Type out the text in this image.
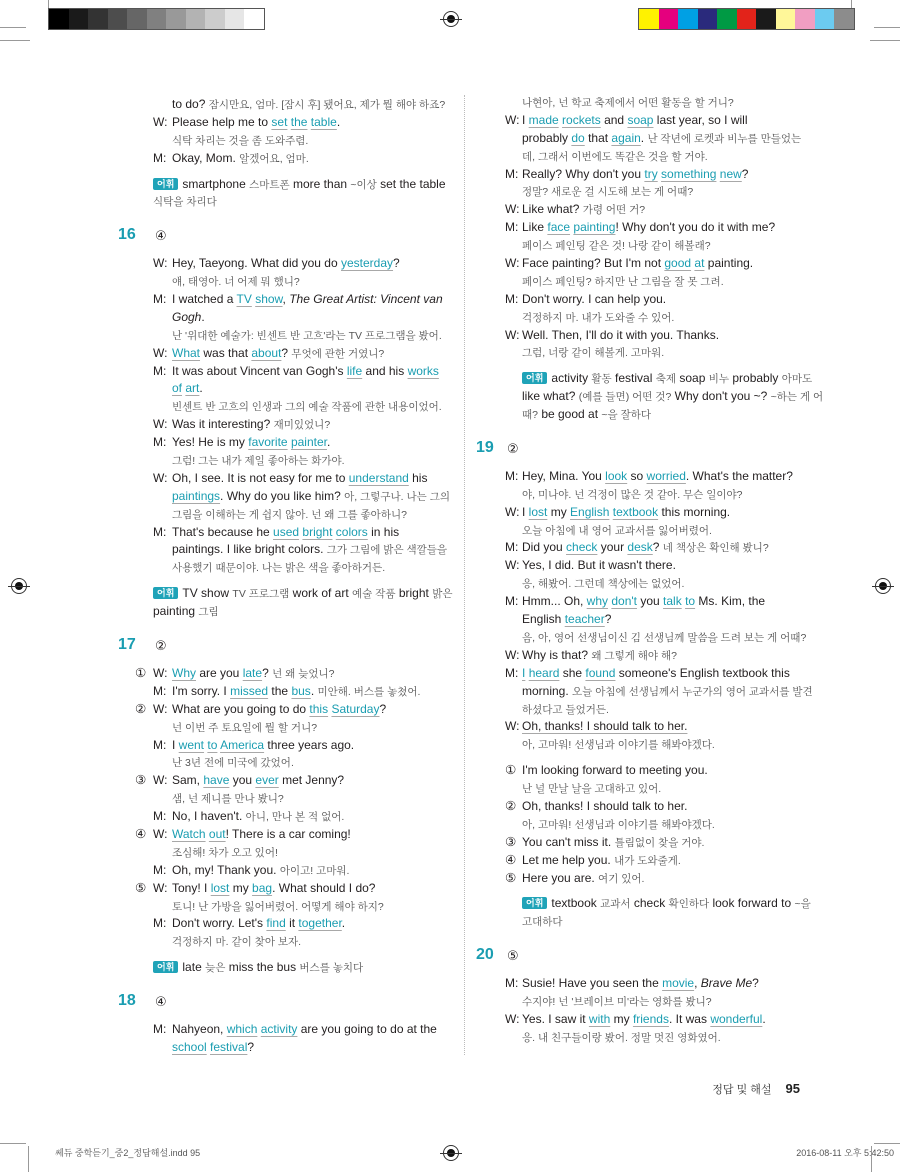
to do? 잠시만요, 엄마. [잠시 후] 됐어요, 제가 뭘 해야 하죠?
W: Please help me to set the table.
식탁 차리는 것을 좀 도와주렴.
M: Okay, Mom. 알겠어요, 엄마.
어휘 smartphone 스마트폰 more than ~이상 set the table
식탁을 차리다
16 ④
W: Hey, Taeyong. What did you do yesterday?
얘, 태영아. 너 어제 뭐 했니?
M: I watched a TV show, The Great Artist: Vincent van
Gogh.
난 '위대한 예술가: 빈센트 반 고흐'라는 TV 프로그램을 봤어.
W: What was that about? 무엇에 관한 거였니?
M: It was about Vincent van Gogh's life and his works
of art.
빈센트 반 고흐의 인생과 그의 예술 작품에 관한 내용이었어.
W: Was it interesting? 재미있었니?
M: Yes! He is my favorite painter.
그럼! 그는 내가 제일 좋아하는 화가야.
W: Oh, I see. It is not easy for me to understand his
paintings. Why do you like him? 아, 그렇구나. 나는 그의
그림을 이해하는 게 쉽지 않아. 넌 왜 그를 좋아하니?
M: That's because he used bright colors in his
paintings. I like bright colors. 그가 그림에 밝은 색깔들을
사용했기 때문이야. 나는 밝은 색을 좋아하거든.
어휘 TV show TV 프로그램 work of art 예술 작품 bright 밝은
painting 그림
17 ②
① W: Why are you late? 넌 왜 늦었니?
M: I'm sorry. I missed the bus. 미안해. 버스를 놓쳤어.
② W: What are you going to do this Saturday?
넌 이번 주 토요일에 뭘 할 거니?
M: I went to America three years ago.
난 3년 전에 미국에 갔었어.
③ W: Sam, have you ever met Jenny?
샘, 넌 제니를 만나 봤니?
M: No, I haven't. 아니, 만나 본 적 없어.
④ W: Watch out! There is a car coming!
조심해! 차가 오고 있어!
M: Oh, my! Thank you. 아이고! 고마워.
⑤ W: Tony! I lost my bag. What should I do?
토니! 난 가방을 잃어버렸어. 어떻게 해야 하지?
M: Don't worry. Let's find it together.
걱정하지 마. 같이 찾아 보자.
어휘 late 늦은 miss the bus 버스를 놓치다
18 ④
M: Nahyeon, which activity are you going to do at the
school festival?
나현아, 넌 학교 축제에서 어떤 활동을 할 거니?
W: I made rockets and soap last year, so I will
probably do that again. 난 작년에 로켓과 비누를 만들었는
데, 그래서 이번에도 똑같은 것을 할 거야.
M: Really? Why don't you try something new?
정말? 새로운 걸 시도해 보는 게 어때?
W: Like what? 가령 어떤 거?
M: Like face painting! Why don't you do it with me?
페이스 페인팅 같은 것! 나랑 같이 해볼래?
W: Face painting? But I'm not good at painting.
페이스 페인팅? 하지만 난 그림을 잘 못 그려.
M: Don't worry. I can help you.
걱정하지 마. 내가 도와줄 수 있어.
W: Well. Then, I'll do it with you. Thanks.
그럼, 너랑 같이 해볼게. 고마워.
어휘 activity 활동 festival 축제 soap 비누 probably 아마도
like what? (예를 들면) 어떤 것? Why don't you ~? ~하는 게 어
때? be good at ~을 잘하다
19 ②
M: Hey, Mina. You look so worried. What's the matter?
야, 미나야. 넌 걱정이 많은 것 같아. 무슨 일이야?
W: I lost my English textbook this morning.
오늘 아침에 내 영어 교과서를 잃어버렸어.
M: Did you check your desk? 네 책상은 확인해 봤니?
W: Yes, I did. But it wasn't there.
응, 해봤어. 그런데 책상에는 없었어.
M: Hmm... Oh, why don't you talk to Ms. Kim, the
English teacher?
음, 아, 영어 선생님이신 김 선생님께 말씀을 드려 보는 게 어때?
W: Why is that? 왜 그렇게 해야 해?
M: I heard she found someone's English textbook this
morning. 오늘 아침에 선생님께서 누군가의 영어 교과서를 발견
하셨다고 들었거든.
W: Oh, thanks! I should talk to her.
아, 고마워! 선생님과 이야기를 해봐야겠다.
① I'm looking forward to meeting you.
난 널 만날 날을 고대하고 있어.
② Oh, thanks! I should talk to her.
아, 고마워! 선생님과 이야기를 해봐야겠다.
③ You can't miss it. 틀림없이 찾을 거야.
④ Let me help you. 내가 도와줄게.
⑤ Here you are. 여기 있어.
어휘 textbook 교과서 check 확인하다 look forward to ~을
고대하다
20 ⑤
M: Susie! Have you seen the movie, Brave Me?
수지야! 넌 '브레이브 미'라는 영화를 봤니?
W: Yes. I saw it with my friends. It was wonderful.
응. 내 친구들이랑 봤어. 정말 멋진 영화였어.
정답 및 해설 95
쎄듀 중학듣기_중2_정답해설.indd 95	2016-08-11 오후 5:42:50
